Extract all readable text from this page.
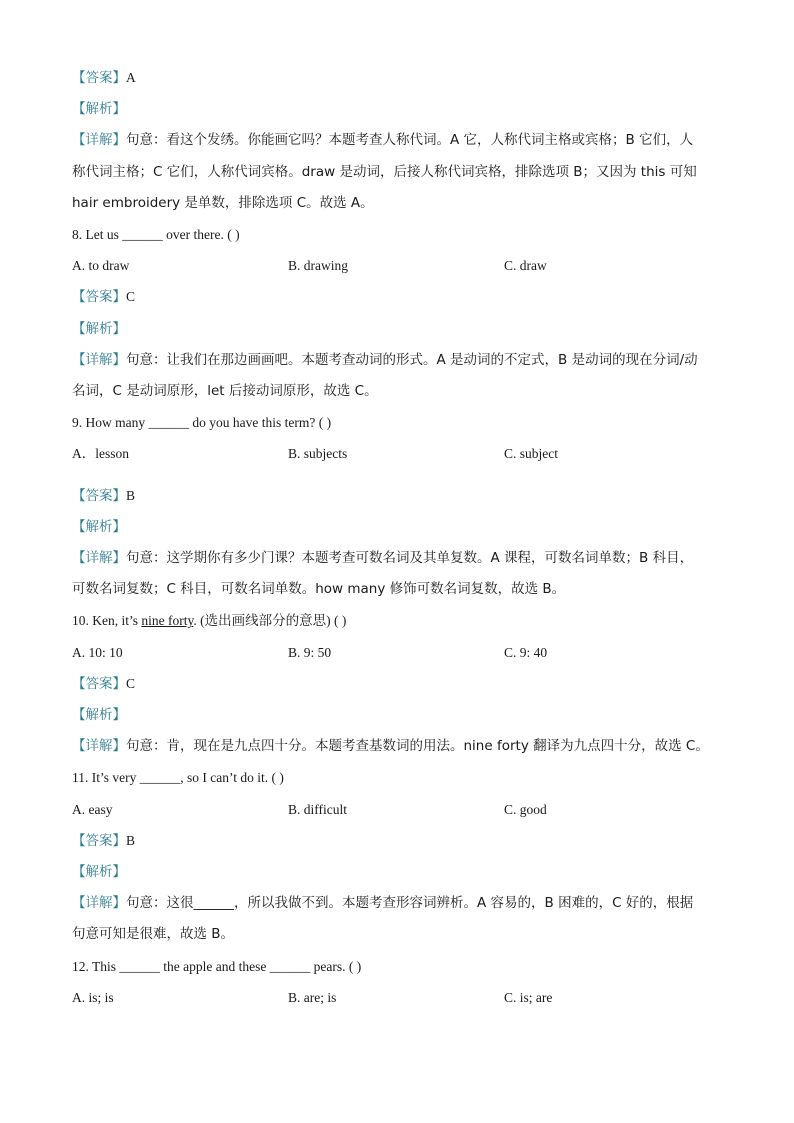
【答案】A
【解析】
【详解】句意：看这个发绣。你能画它吗？本题考查人称代词。A 它，人称代词主格或宾格；B 它们，人
称代词主格；C 它们，人称代词宾格。draw 是动词，后接人称代词宾格，排除选项 B；又因为 this 可知
hair embroidery 是单数，排除选项 C。故选 A。
8. Let us ______ over there. ( )
A. to draw	B. drawing	C. draw
【答案】C
【解析】
【详解】句意：让我们在那边画画吧。本题考查动词的形式。A 是动词的不定式，B 是动词的现在分词/动
名词，C 是动词原形，let 后接动词原形，故选 C。
9. How many ______ do you have this term? ( )
A．lesson	B. subjects	C. subject
【答案】B
【解析】
【详解】句意：这学期你有多少门课？本题考查可数名词及其单复数。A 课程，可数名词单数；B 科目，
可数名词复数；C 科目，可数名词单数。how many 修饰可数名词复数，故选 B。
10. Ken, it’s nine forty. (选出画线部分的意思) ( )
A. 10: 10	B. 9: 50	C. 9: 40
【答案】C
【解析】
【详解】句意：肯，现在是九点四十分。本题考查基数词的用法。nine forty 翻译为九点四十分，故选 C。
11. It’s very ______, so I can’t do it. ( )
A. easy	B. difficult	C. good
【答案】B
【解析】
【详解】句意：这很______，所以我做不到。本题考查形容词辨析。A 容易的，B 困难的，C 好的，根据
句意可知是很难，故选 B。
12. This ______ the apple and these ______ pears. ( )
A. is; is	B. are; is	C. is; are
